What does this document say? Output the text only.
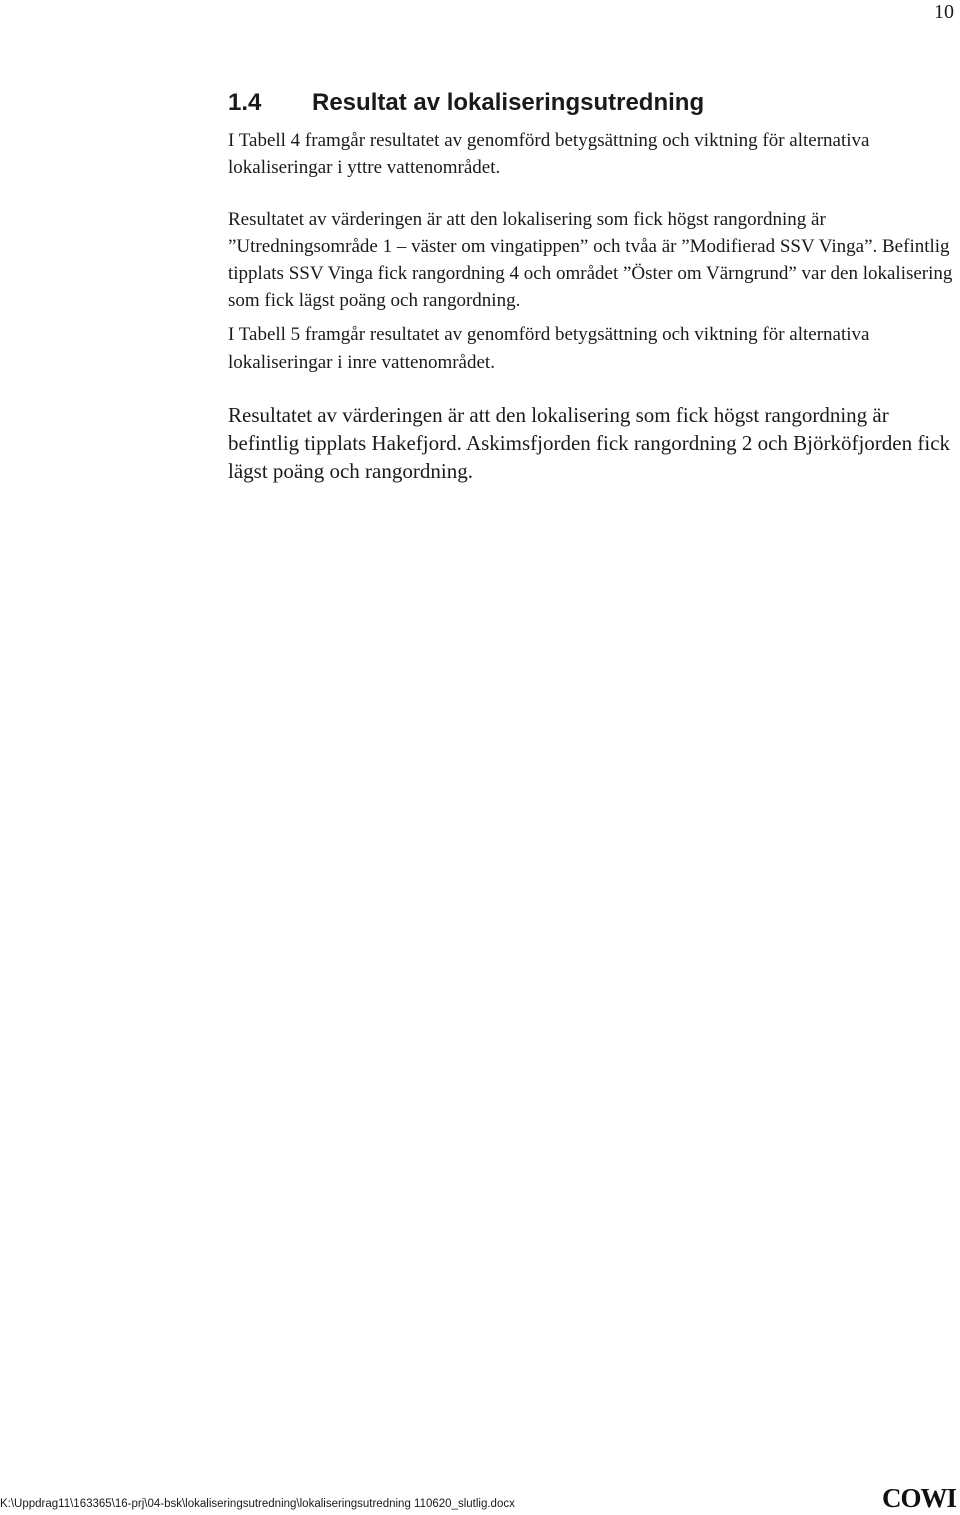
10
1.4 Resultat av lokaliseringsutredning

I Tabell 4 framgår resultatet av genomförd betygsättning och viktning för alternativa lokaliseringar i yttre vattenområdet.

Resultatet av värderingen är att den lokalisering som fick högst rangordning är ”Utredningsområde 1 – väster om vingatippen” och tvåa är ”Modifierad SSV Vinga”. Befintlig tipplats SSV Vinga fick rangordning 4 och området ”Öster om Värngrund” var den lokalisering som fick lägst poäng och rangordning.

I Tabell 5 framgår resultatet av genomförd betygsättning och viktning för alternativa lokaliseringar i inre vattenområdet.

Resultatet av värderingen är att den lokalisering som fick högst rangordning är befintlig tipplats Hakefjord. Askimsfjorden fick rangordning 2 och Björköfjorden fick lägst poäng och rangordning.

K:\Uppdrag11\163365\16-prj\04-bsk\lokaliseringsutredning\lokaliseringsutredning 110620_slutlig.docx	COWI
